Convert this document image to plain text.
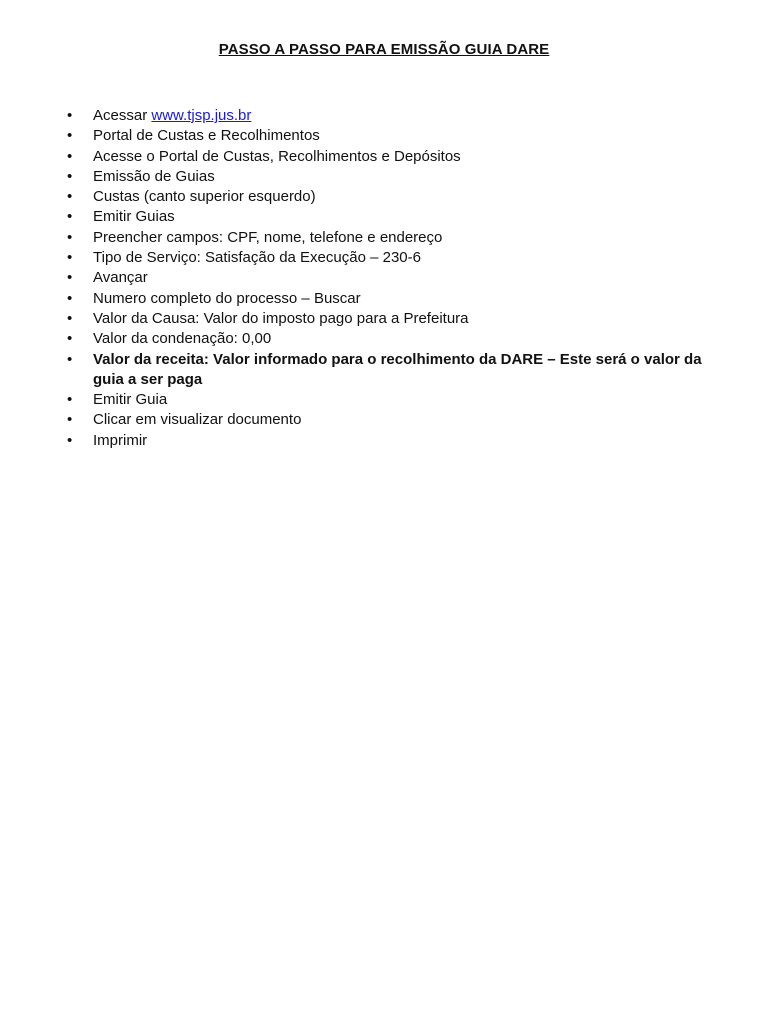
PASSO A PASSO PARA EMISSÃO GUIA DARE
•	Acessar www.tjsp.jus.br
•	Portal de Custas e Recolhimentos
•	Acesse o Portal de Custas, Recolhimentos e Depósitos
•	Emissão de Guias
•	Custas (canto superior esquerdo)
•	Emitir Guias
•	Preencher campos: CPF, nome, telefone e endereço
•	Tipo de Serviço: Satisfação da Execução – 230-6
•	Avançar
•	Numero completo do processo – Buscar
•	Valor da Causa: Valor do imposto pago para a Prefeitura
•	Valor da condenação: 0,00
•	Valor da receita: Valor informado para o recolhimento da DARE – Este será o valor da guia a ser paga
•	Emitir Guia
•	Clicar em visualizar documento
•	Imprimir
